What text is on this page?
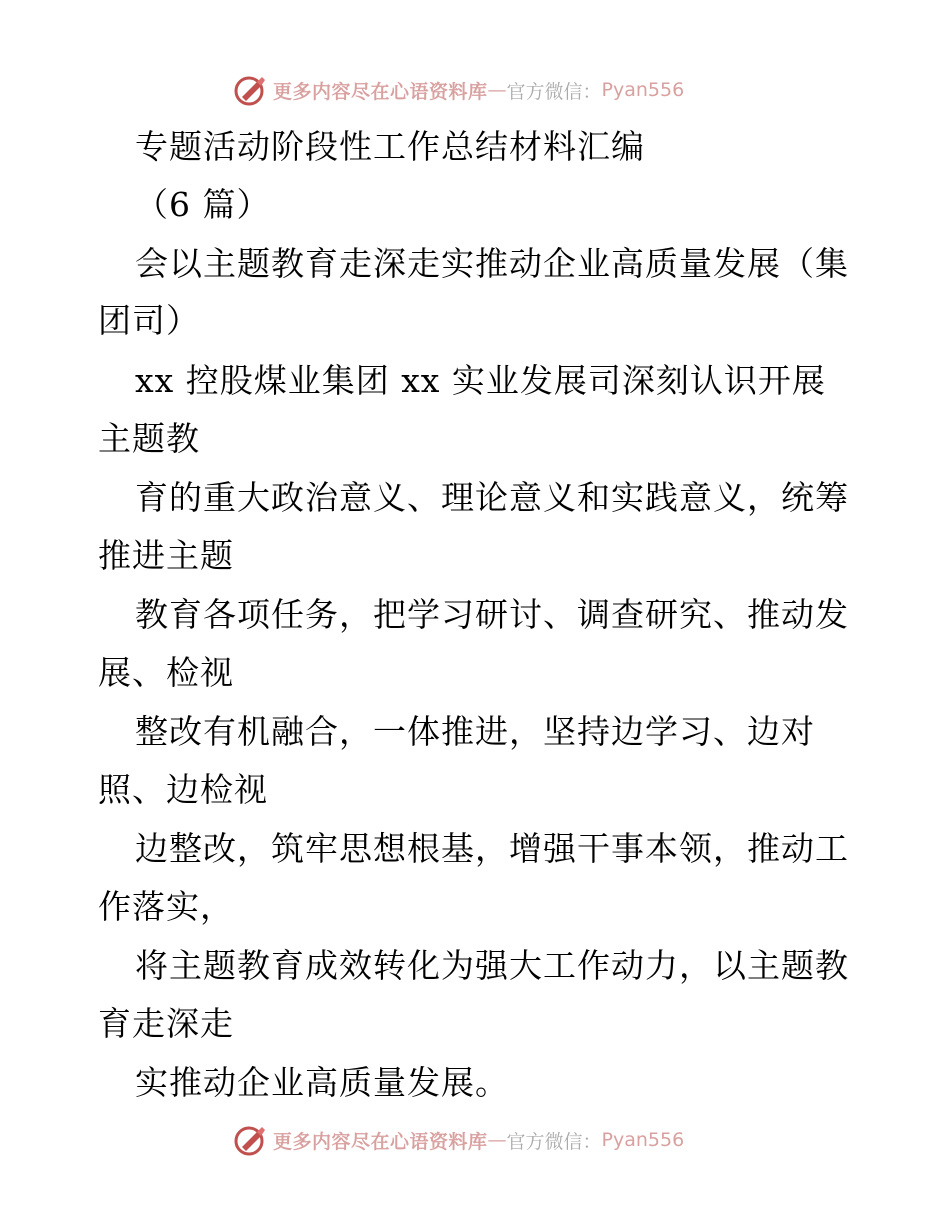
更多内容尽在心语资料库 — 官方微信： Pyan556
专题活动阶段性工作总结材料汇编
（6 篇）
会以主题教育走深走实推动企业高质量发展（集
团司）
xx 控股煤业集团 xx 实业发展司深刻认识开展
主题教
育的重大政治意义、理论意义和实践意义，统筹
推进主题
教育各项任务，把学习研讨、调查研究、推动发
展、检视
整改有机融合，一体推进，坚持边学习、边对
照、边检视
边整改，筑牢思想根基，增强干事本领，推动工
作落实，
将主题教育成效转化为强大工作动力，以主题教
育走深走
实推动企业高质量发展。
更多内容尽在心语资料库 — 官方微信： Pyan556
